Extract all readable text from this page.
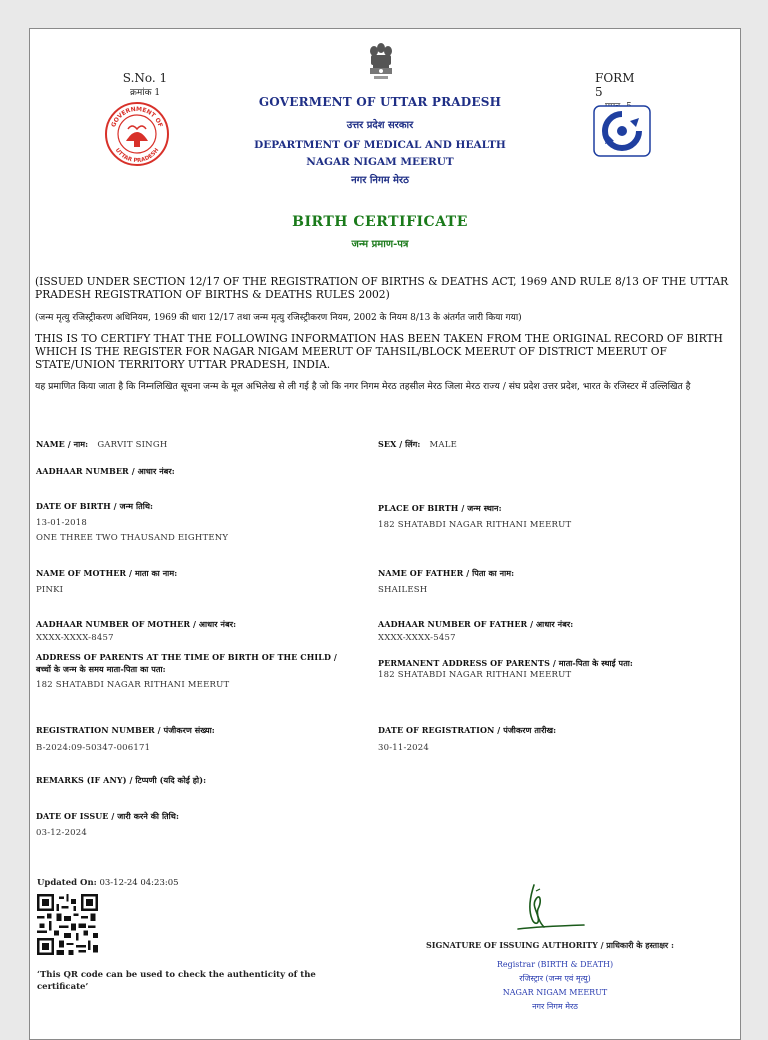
S.No. 1
क्रमांक 1
FORM 5
GOVERNMENT OF
UTTAR PRADESH
GOVERMENT OF UTTAR PRADESH
उत्तर प्रदेश सरकार
DEPARTMENT OF MEDICAL AND HEALTH
NAGAR NIGAM MEERUT
नगर निगम मेरठ
BIRTH CERTIFICATE
जन्म प्रमाण-पत्र
(ISSUED UNDER SECTION 12/17 OF THE REGISTRATION OF BIRTHS & DEATHS ACT, 1969 AND RULE 8/13 OF THE UTTAR PRADESH REGISTRATION OF BIRTHS & DEATHS RULES 2002)
(जन्म मृत्यु रजिस्ट्रीकरण अधिनियम, 1969 की धारा 12/17 तथा जन्म मृत्यु रजिस्ट्रीकरण नियम, 2002 के नियम 8/13 के अंतर्गत जारी किया गया)
THIS IS TO CERTIFY THAT THE FOLLOWING INFORMATION HAS BEEN TAKEN FROM THE ORIGINAL RECORD OF BIRTH WHICH IS THE REGISTER FOR NAGAR NIGAM MEERUT OF TAHSIL/BLOCK MEERUT OF DISTRICT MEERUT OF STATE/UNION TERRITORY UTTAR PRADESH, INDIA.
यह प्रमाणित किया जाता है कि निम्नलिखित सूचना जन्म के मूल अभिलेख से ली गई है जो कि नगर निगम मेरठ तहसील मेरठ जिला मेरठ राज्य / संघ प्रदेश उत्तर प्रदेश, भारत के रजिस्टर में उल्लिखित है
NAME / नाम: GARVIT SINGH	SEX / लिंग: MALE
AADHAAR NUMBER / आधार नंबर:
DATE OF BIRTH / जन्म तिथि:
13-01-2018
ONE THREE TWO THAUSAND EIGHTENY
PLACE OF BIRTH / जन्म स्थान:
182 SHATABDI NAGAR RITHANI MEERUT
NAME OF MOTHER / माता का नाम:
PINKI
NAME OF FATHER / पिता का नाम:
SHAILESH
AADHAAR NUMBER OF MOTHER / आधार नंबर:
XXXX-XXXX-8457
AADHAAR NUMBER OF FATHER / आधार नंबर:
XXXX-XXXX-5457
ADDRESS OF PARENTS AT THE TIME OF BIRTH OF THE CHILD /
बच्चों के जन्म के समय माता-पिता का पता:
182 SHATABDI NAGAR RITHANI MEERUT
PERMANENT ADDRESS OF PARENTS / माता-पिता के स्थाई पता:
182 SHATABDI NAGAR RITHANI MEERUT
REGISTRATION NUMBER / पंजीकरण संख्या:
B-2024:09-50347-006171
DATE OF REGISTRATION / पंजीकरण तारीख:
30-11-2024
REMARKS (IF ANY) / टिप्पणी (यदि कोई हो):
DATE OF ISSUE / जारी करने की तिथि:
03-12-2024
Updated On: 03-12-24 04:23:05
‘This QR code can be used to check the authenticity of the certificate’
SIGNATURE OF ISSUING AUTHORITY / प्राधिकारी के हस्ताक्षर :
Registrar (BIRTH & DEATH)
रजिस्ट्रार (जन्म एवं मृत्यु)
NAGAR NIGAM MEERUT
नगर निगम मेरठ
